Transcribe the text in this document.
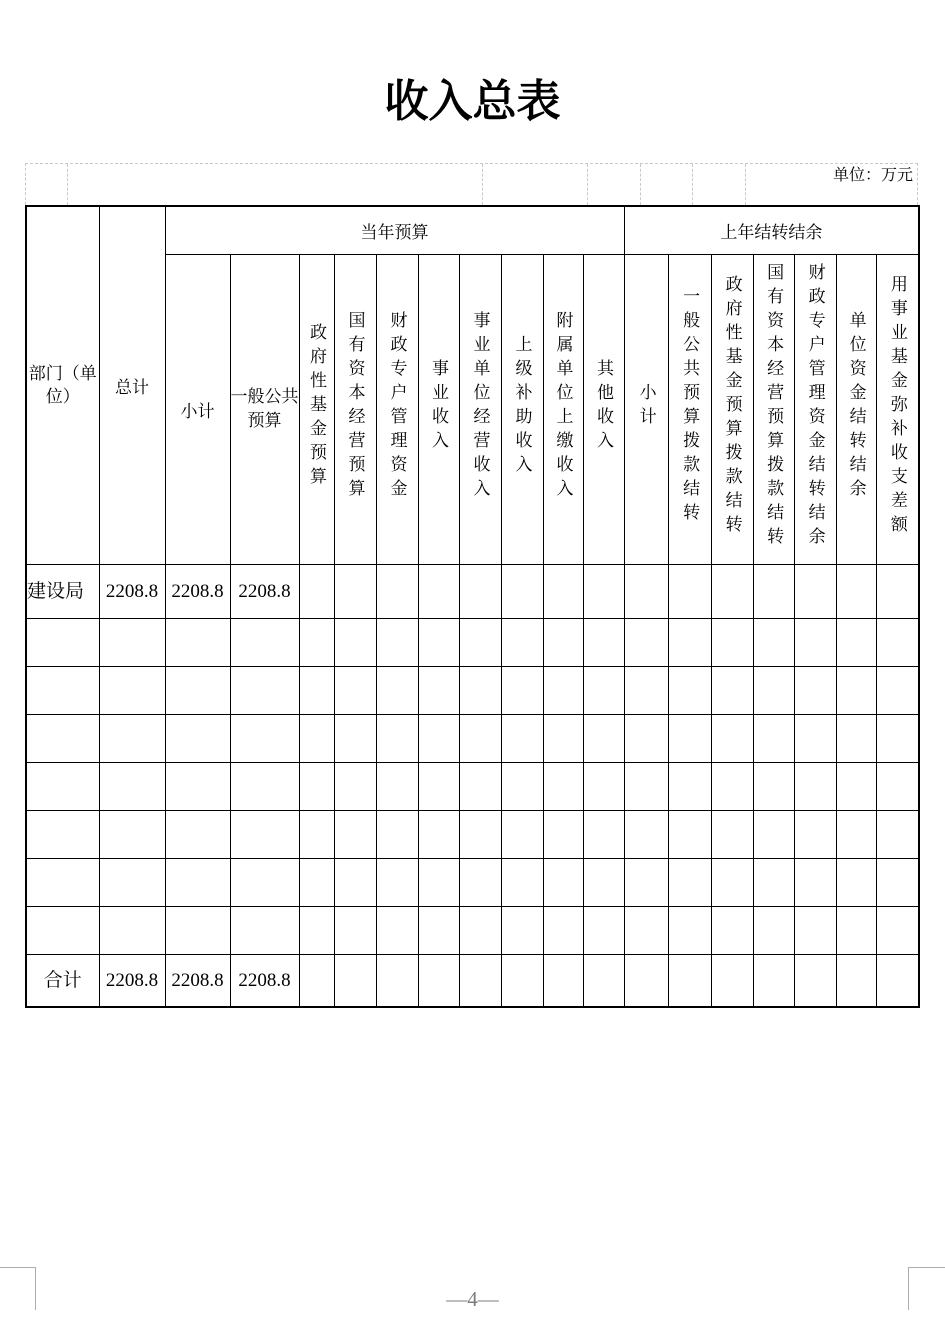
收入总表
单位：万元
部门（单位）	总计	当年预算										上年结转结余						
		小计	一般公共预算	政府性基金预算	国有资本经营预算	财政专户管理资金	事业收入	事业单位经营收入	上级补助收入	附属单位上缴收入	其他收入	小计	一般公共预算拨款结转	政府性基金预算拨款结转	国有资本经营预算拨款结转	财政专户管理资金结转结余	单位资金结转结余	用事业基金弥补收支差额
建设局	2208.8	2208.8	2208.8															

合计	2208.8	2208.8	2208.8															
—4—
